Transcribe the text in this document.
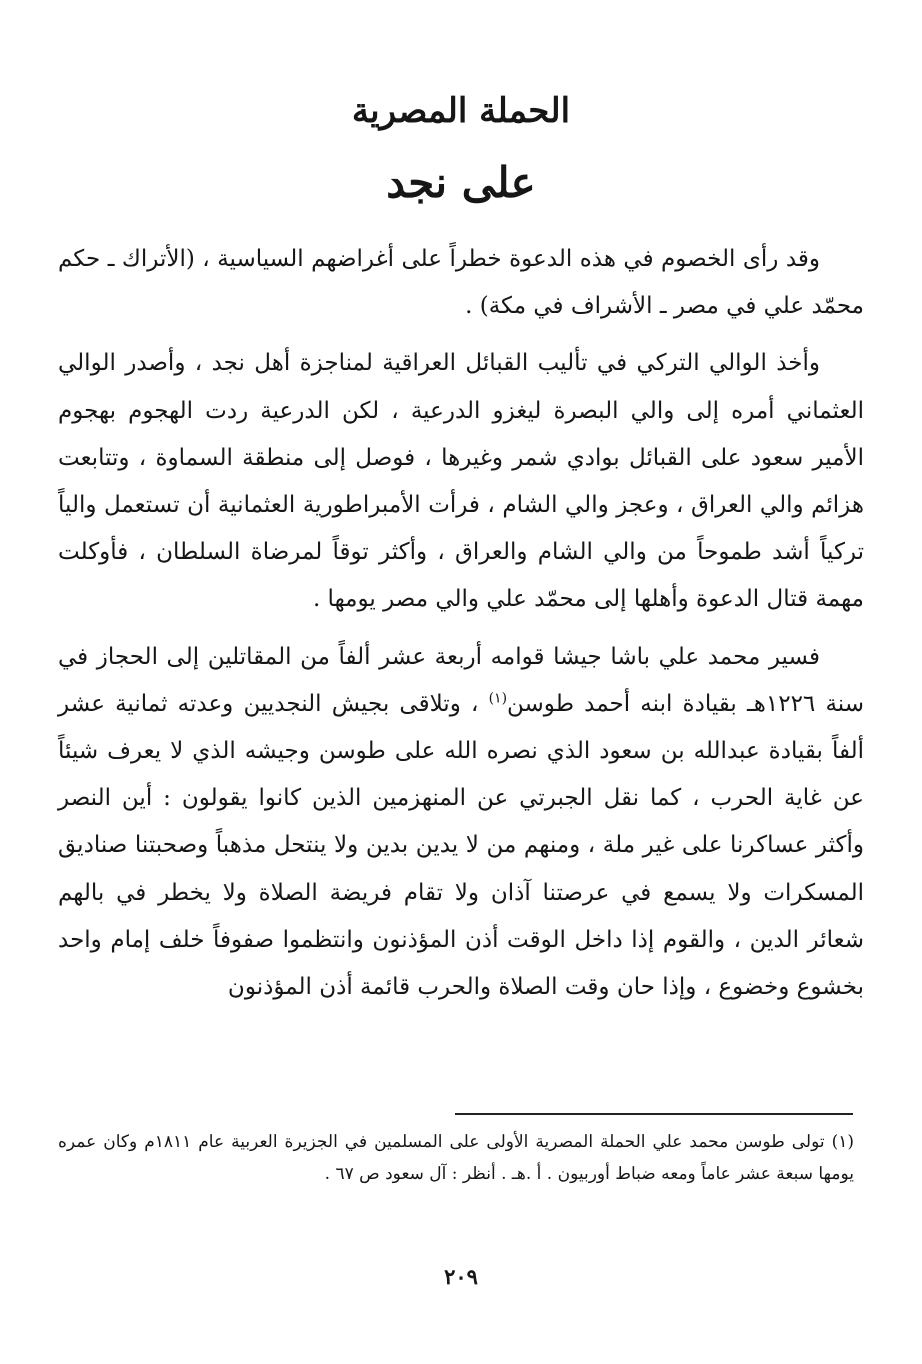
الحملة المصرية
على نجد

وقد رأى الخصوم في هذه الدعوة خطراً على أغراضهم السياسية ، (الأتراك ـ حكم محمّد علي في مصر ـ الأشراف في مكة) .

وأخذ الوالي التركي في تأليب القبائل العراقية لمناجزة أهل نجد ، وأصدر الوالي العثماني أمره إلى والي البصرة ليغزو الدرعية ، لكن الدرعية ردت الهجوم بهجوم الأمير سعود على القبائل بوادي شمر وغيرها ، فوصل إلى منطقة السماوة ، وتتابعت هزائم والي العراق ، وعجز والي الشام ، فرأت الأمبراطورية العثمانية أن تستعمل والياً تركياً أشد طموحاً من والي الشام والعراق ، وأكثر توقاً لمرضاة السلطان ، فأوكلت مهمة قتال الدعوة وأهلها إلى محمّد علي والي مصر يومها .

فسير محمد علي باشا جيشا قوامه أربعة عشر ألفاً من المقاتلين إلى الحجاز في سنة ١٢٢٦هـ بقيادة ابنه أحمد طوسن$^{(١)}$ ، وتلاقى بجيش النجديين وعدته ثمانية عشر ألفاً بقيادة عبدالله بن سعود الذي نصره الله على طوسن وجيشه الذي لا يعرف شيئاً عن غاية الحرب ، كما نقل الجبرتي عن المنهزمين الذين كانوا يقولون : أين النصر وأكثر عساكرنا على غير ملة ، ومنهم من لا يدين بدين ولا ينتحل مذهباً وصحبتنا صناديق المسكرات ولا يسمع في عرصتنا آذان ولا تقام فريضة الصلاة ولا يخطر في بالهم شعائر الدين ، والقوم إذا داخل الوقت أذن المؤذنون وانتظموا صفوفاً خلف إمام واحد بخشوع وخضوع ، وإذا حان وقت الصلاة والحرب قائمة أذن المؤذنون

(١) تولى طوسن محمد علي الحملة المصرية الأولى على المسلمين في الجزيرة العربية عام ١٨١١م وكان عمره يومها سبعة عشر عاماً ومعه ضباط أوربيون . أ .هـ . أنظر : آل سعود ص ٦٧ .

٢٠٩
